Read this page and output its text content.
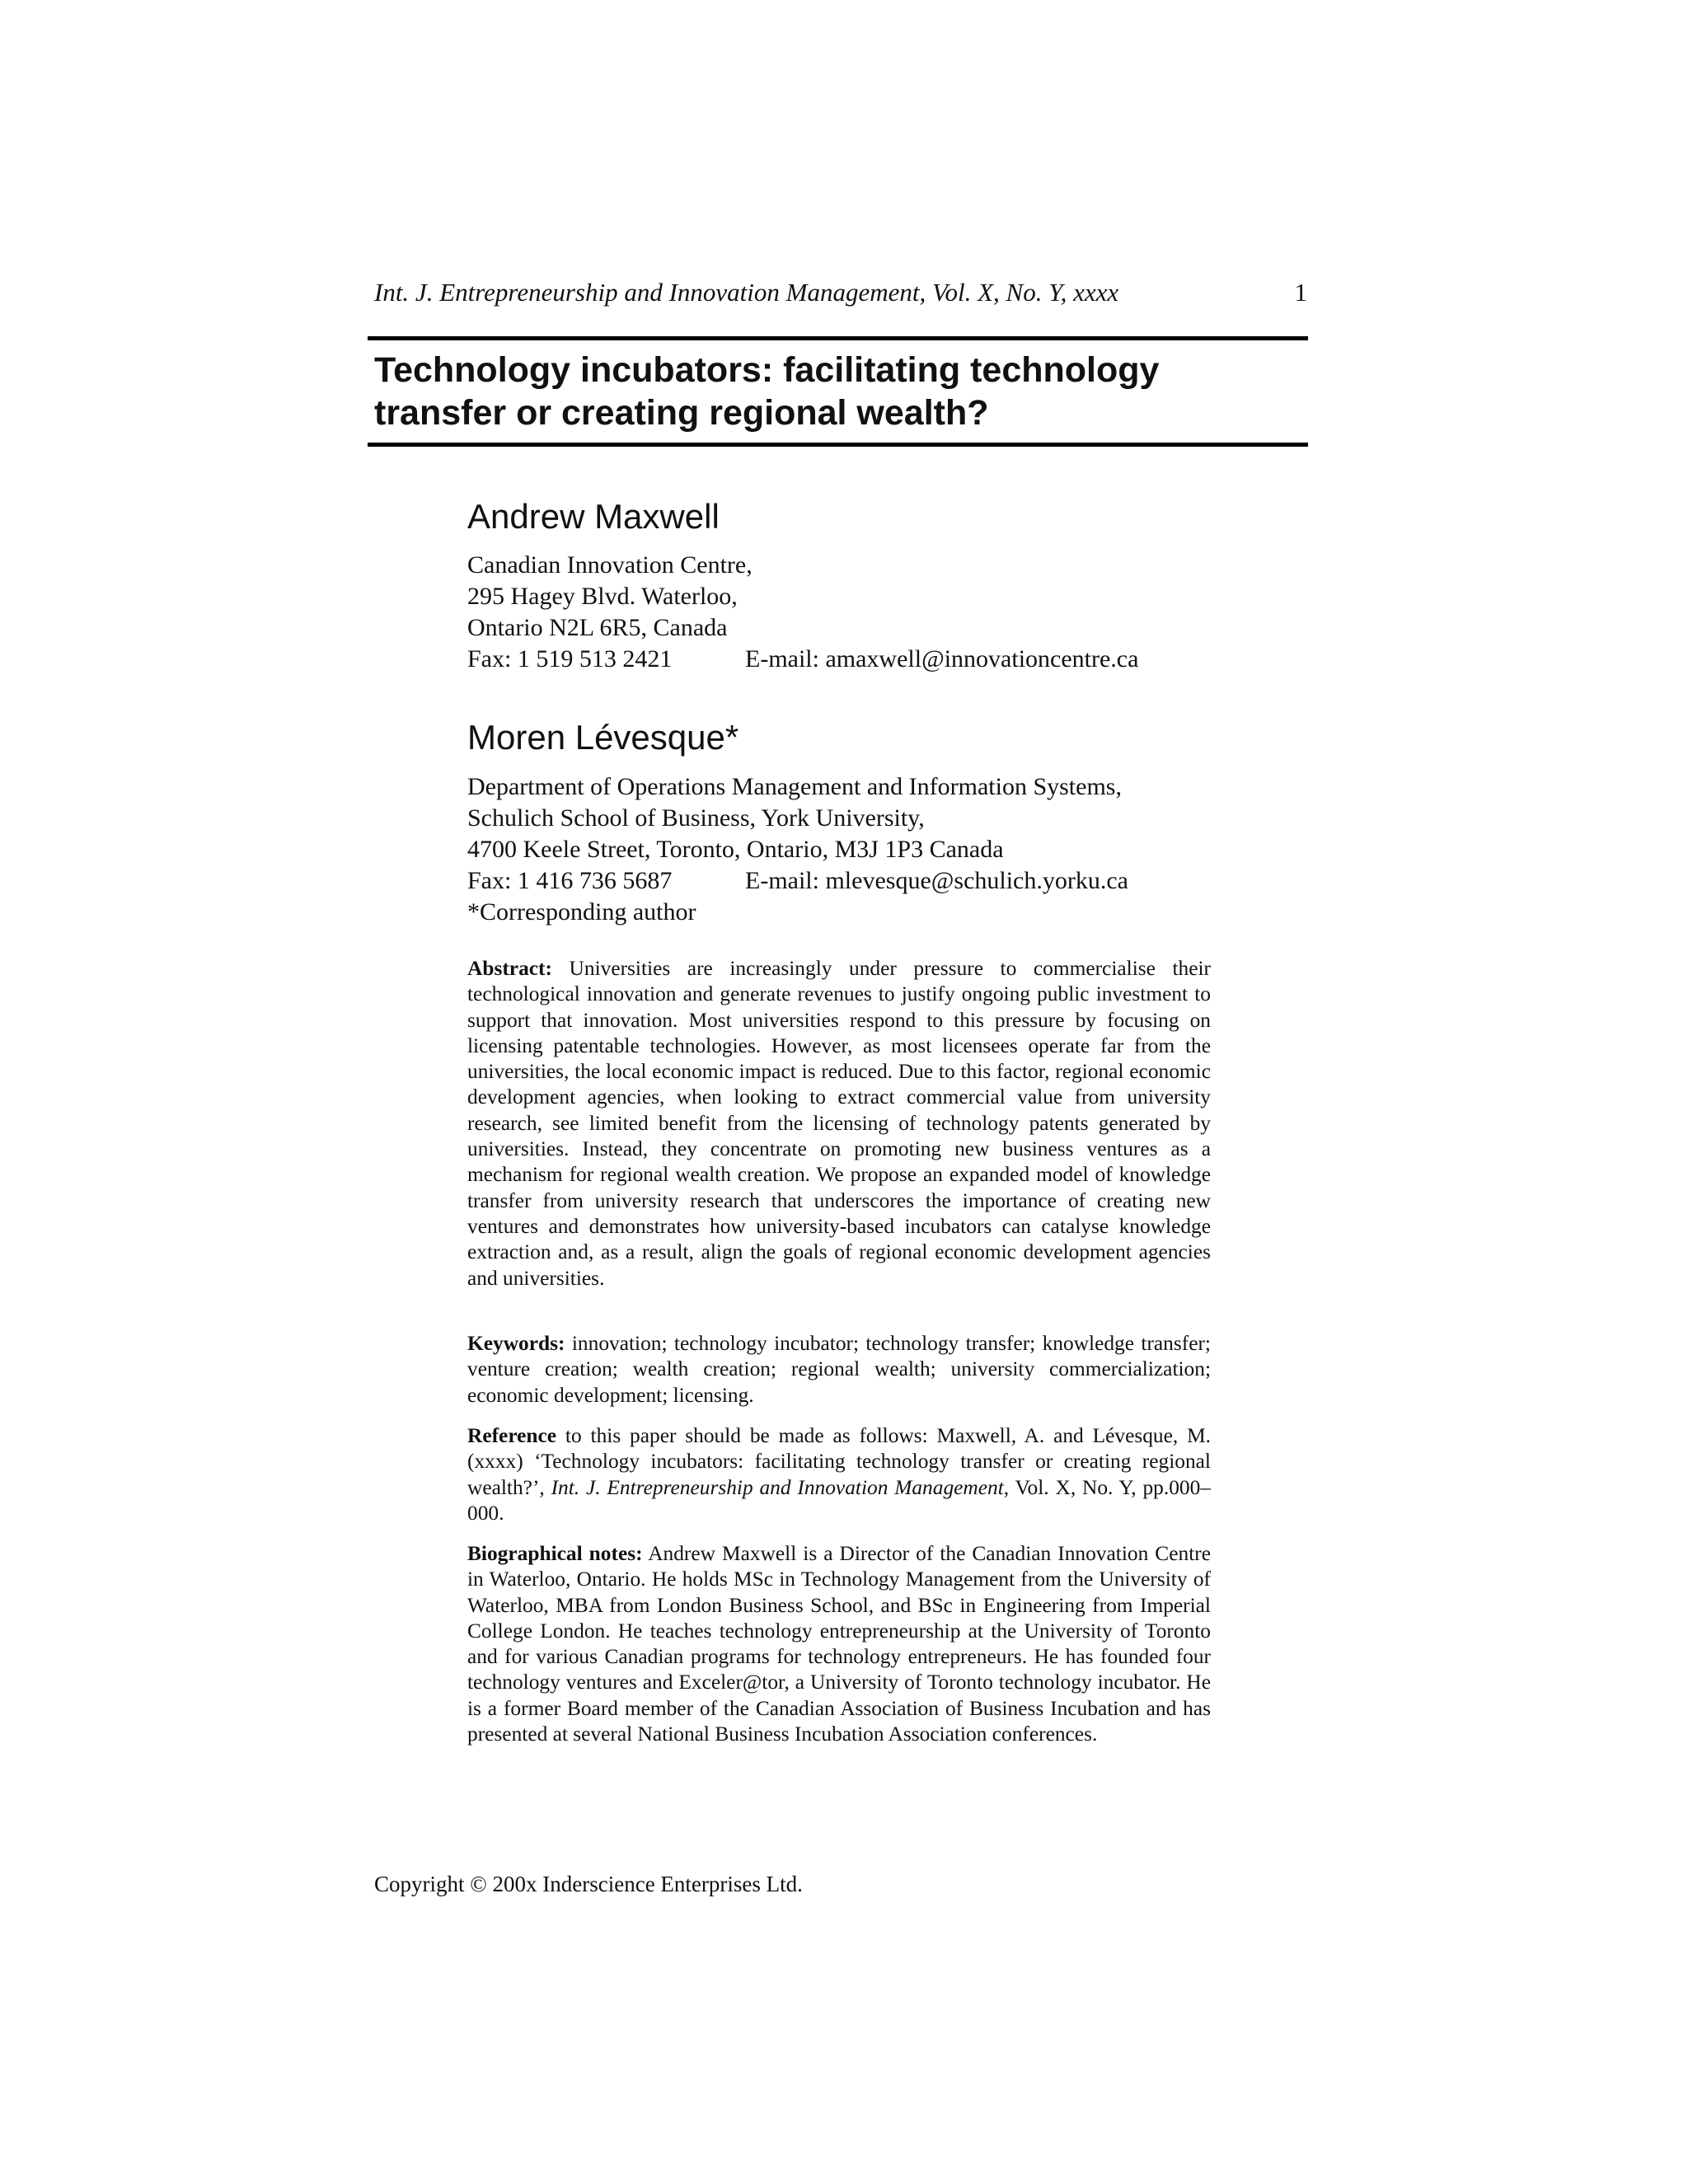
Int. J. Entrepreneurship and Innovation Management, Vol. X, No. Y, xxxx	1
Technology incubators: facilitating technology
transfer or creating regional wealth?
Andrew Maxwell
Canadian Innovation Centre,
295 Hagey Blvd. Waterloo,
Ontario N2L 6R5, Canada
Fax: 1 519 513 2421	E-mail: amaxwell@innovationcentre.ca
Moren Lévesque*
Department of Operations Management and Information Systems,
Schulich School of Business, York University,
4700 Keele Street, Toronto, Ontario, M3J 1P3 Canada
Fax: 1 416 736 5687	E-mail: mlevesque@schulich.yorku.ca
*Corresponding author
Abstract: Universities are increasingly under pressure to commercialise their technological innovation and generate revenues to justify ongoing public investment to support that innovation. Most universities respond to this pressure by focusing on licensing patentable technologies. However, as most licensees operate far from the universities, the local economic impact is reduced. Due to this factor, regional economic development agencies, when looking to extract commercial value from university research, see limited benefit from the licensing of technology patents generated by universities. Instead, they concentrate on promoting new business ventures as a mechanism for regional wealth creation. We propose an expanded model of knowledge transfer from university research that underscores the importance of creating new ventures and demonstrates how university-based incubators can catalyse knowledge extraction and, as a result, align the goals of regional economic development agencies and universities.
Keywords: innovation; technology incubator; technology transfer; knowledge transfer; venture creation; wealth creation; regional wealth; university commercialization; economic development; licensing.
Reference to this paper should be made as follows: Maxwell, A. and Lévesque, M. (xxxx) ‘Technology incubators: facilitating technology transfer or creating regional wealth?’, Int. J. Entrepreneurship and Innovation Management, Vol. X, No. Y, pp.000–000.
Biographical notes: Andrew Maxwell is a Director of the Canadian Innovation Centre in Waterloo, Ontario. He holds MSc in Technology Management from the University of Waterloo, MBA from London Business School, and BSc in Engineering from Imperial College London. He teaches technology entrepreneurship at the University of Toronto and for various Canadian programs for technology entrepreneurs. He has founded four technology ventures and Exceler@tor, a University of Toronto technology incubator. He is a former Board member of the Canadian Association of Business Incubation and has presented at several National Business Incubation Association conferences.
Copyright © 200x Inderscience Enterprises Ltd.
